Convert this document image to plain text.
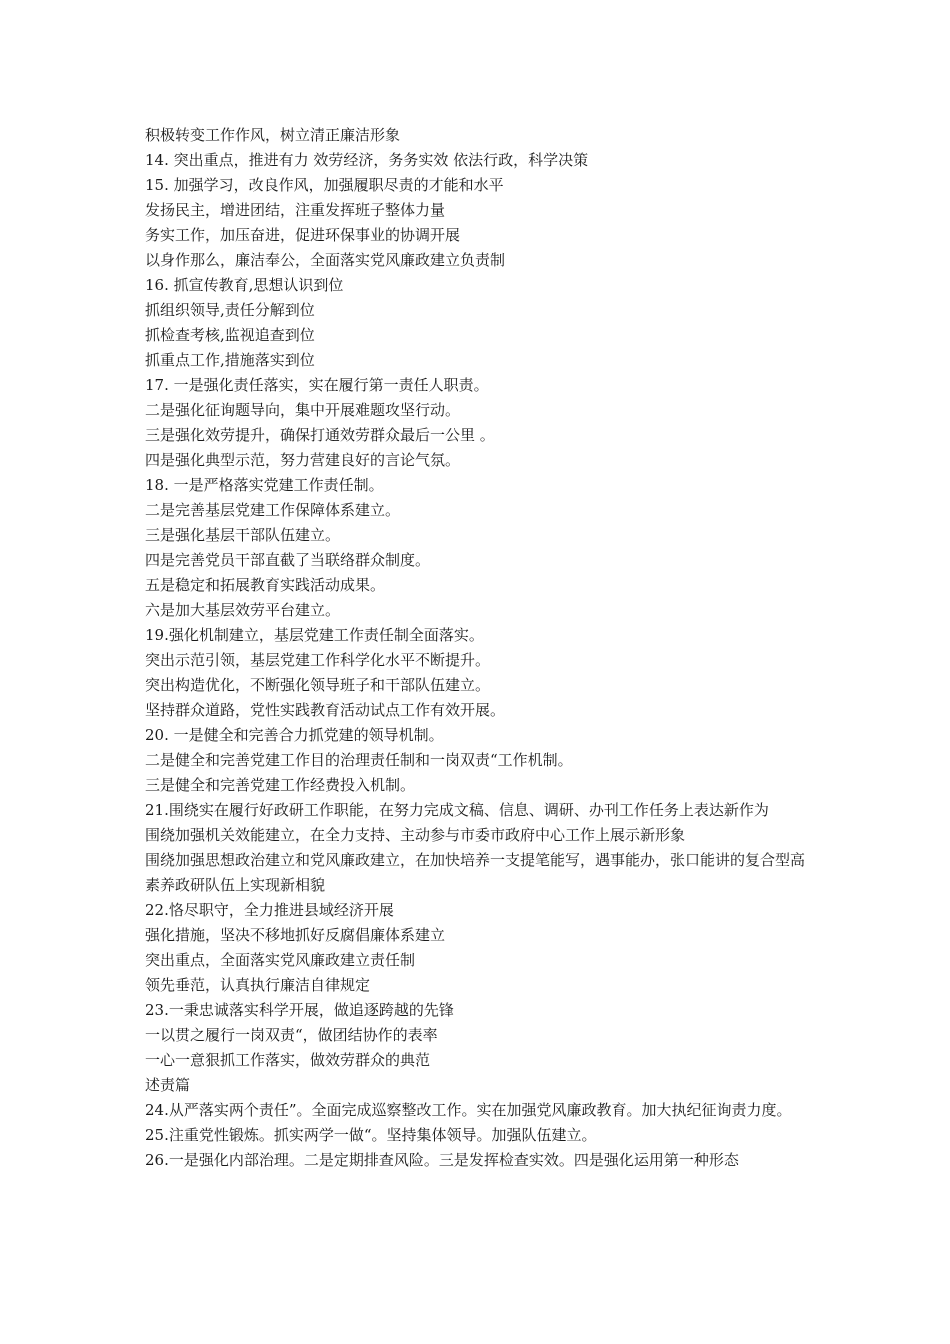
积极转变工作作风，树立清正廉洁形象

14. 突出重点，推进有力 效劳经济，务务实效 依法行政，科学决策

15. 加强学习，改良作风，加强履职尽责的才能和水平

发扬民主，增进团结，注重发挥班子整体力量

务实工作，加压奋进，促进环保事业的协调开展

以身作那么，廉洁奉公，全面落实党风廉政建立负责制

16. 抓宣传教育,思想认识到位

抓组织领导,责任分解到位

抓检查考核,监视追查到位

抓重点工作,措施落实到位

17. 一是强化责任落实，实在履行第一责任人职责。

二是强化征询题导向，集中开展难题攻坚行动。

三是强化效劳提升，确保打通效劳群众最后一公里 。

四是强化典型示范，努力营建良好的言论气氛。

18. 一是严格落实党建工作责任制。

二是完善基层党建工作保障体系建立。

三是强化基层干部队伍建立。

四是完善党员干部直截了当联络群众制度。

五是稳定和拓展教育实践活动成果。

六是加大基层效劳平台建立。

19.强化机制建立，基层党建工作责任制全面落实。

突出示范引领，基层党建工作科学化水平不断提升。

突出构造优化，不断强化领导班子和干部队伍建立。

坚持群众道路，党性实践教育活动试点工作有效开展。

20. 一是健全和完善合力抓党建的领导机制。

二是健全和完善党建工作目的治理责任制和一岗双责“工作机制。

三是健全和完善党建工作经费投入机制。

21.围绕实在履行好政研工作职能，在努力完成文稿、信息、调研、办刊工作任务上表达新作为

围绕加强机关效能建立，在全力支持、主动参与市委市政府中心工作上展示新形象

围绕加强思想政治建立和党风廉政建立，在加快培养一支提笔能写，遇事能办，张口能讲的复合型高素养政研队伍上实现新相貌

22.恪尽职守，全力推进县域经济开展

强化措施，坚决不移地抓好反腐倡廉体系建立

突出重点，全面落实党风廉政建立责任制

领先垂范，认真执行廉洁自律规定

23.一秉忠诚落实科学开展，做追逐跨越的先锋

一以贯之履行一岗双责“，做团结协作的表率

一心一意狠抓工作落实，做效劳群众的典范

述责篇

24.从严落实两个责任”。全面完成巡察整改工作。实在加强党风廉政教育。加大执纪征询责力度。

25.注重党性锻炼。抓实两学一做“。坚持集体领导。加强队伍建立。

26.一是强化内部治理。二是定期排查风险。三是发挥检查实效。四是强化运用第一种形态
